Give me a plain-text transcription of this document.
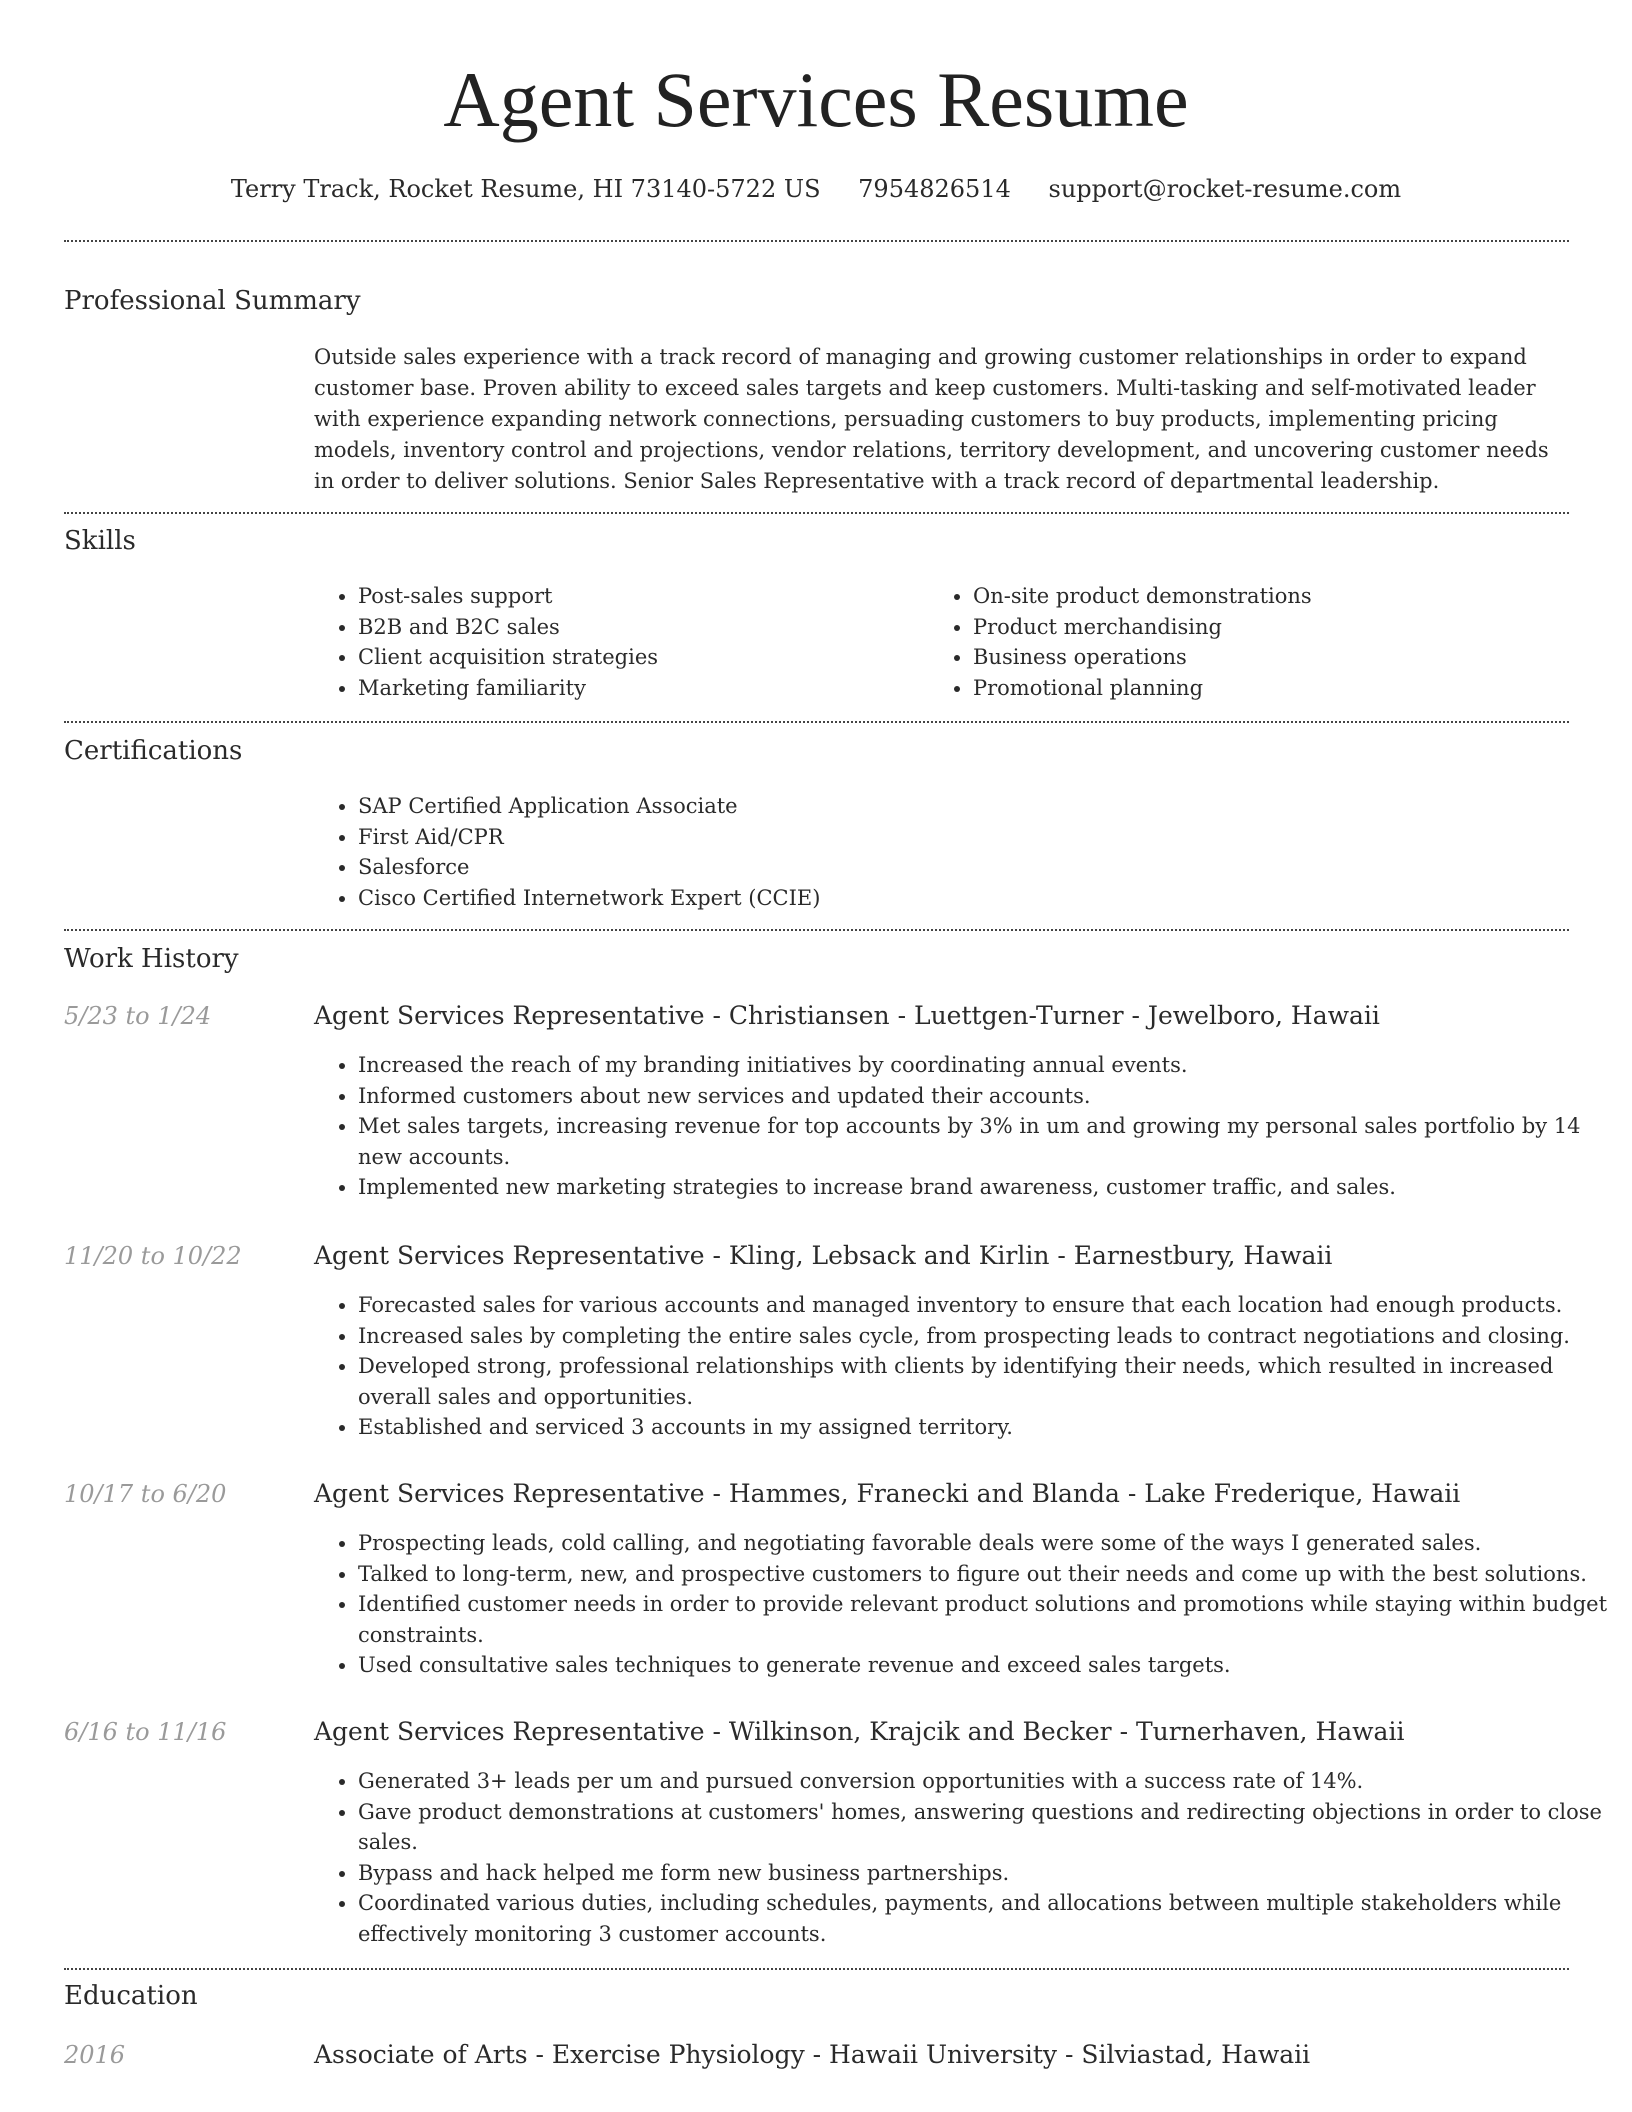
Agent Services Resume
Terry Track, Rocket Resume, HI 73140-5722 US 7954826514 support@rocket-resume.com
Professional Summary

Outside sales experience with a track record of managing and growing customer relationships in order to expand customer base. Proven ability to exceed sales targets and keep customers. Multi-tasking and self-motivated leader with experience expanding network connections, persuading customers to buy products, implementing pricing models, inventory control and projections, vendor relations, territory development, and uncovering customer needs in order to deliver solutions. Senior Sales Representative with a track record of departmental leadership.

Skills
• Post-sales support
• B2B and B2C sales
• Client acquisition strategies
• Marketing familiarity
• On-site product demonstrations
• Product merchandising
• Business operations
• Promotional planning
Certifications
• SAP Certified Application Associate
• First Aid/CPR
• Salesforce
• Cisco Certified Internetwork Expert (CCIE)
Work History
5/23 to 1/24	Agent Services Representative - Christiansen - Luettgen-Turner - Jewelboro, Hawaii
• Increased the reach of my branding initiatives by coordinating annual events.
• Informed customers about new services and updated their accounts.
• Met sales targets, increasing revenue for top accounts by 3% in um and growing my personal sales portfolio by 14 new accounts.
• Implemented new marketing strategies to increase brand awareness, customer traffic, and sales.
11/20 to 10/22	Agent Services Representative - Kling, Lebsack and Kirlin - Earnestbury, Hawaii
• Forecasted sales for various accounts and managed inventory to ensure that each location had enough products.
• Increased sales by completing the entire sales cycle, from prospecting leads to contract negotiations and closing.
• Developed strong, professional relationships with clients by identifying their needs, which resulted in increased overall sales and opportunities.
• Established and serviced 3 accounts in my assigned territory.
10/17 to 6/20	Agent Services Representative - Hammes, Franecki and Blanda - Lake Frederique, Hawaii
• Prospecting leads, cold calling, and negotiating favorable deals were some of the ways I generated sales.
• Talked to long-term, new, and prospective customers to figure out their needs and come up with the best solutions.
• Identified customer needs in order to provide relevant product solutions and promotions while staying within budget constraints.
• Used consultative sales techniques to generate revenue and exceed sales targets.
6/16 to 11/16	Agent Services Representative - Wilkinson, Krajcik and Becker - Turnerhaven, Hawaii
• Generated 3+ leads per um and pursued conversion opportunities with a success rate of 14%.
• Gave product demonstrations at customers' homes, answering questions and redirecting objections in order to close sales.
• Bypass and hack helped me form new business partnerships.
• Coordinated various duties, including schedules, payments, and allocations between multiple stakeholders while effectively monitoring 3 customer accounts.
Education
2016	Associate of Arts - Exercise Physiology - Hawaii University - Silviastad, Hawaii
